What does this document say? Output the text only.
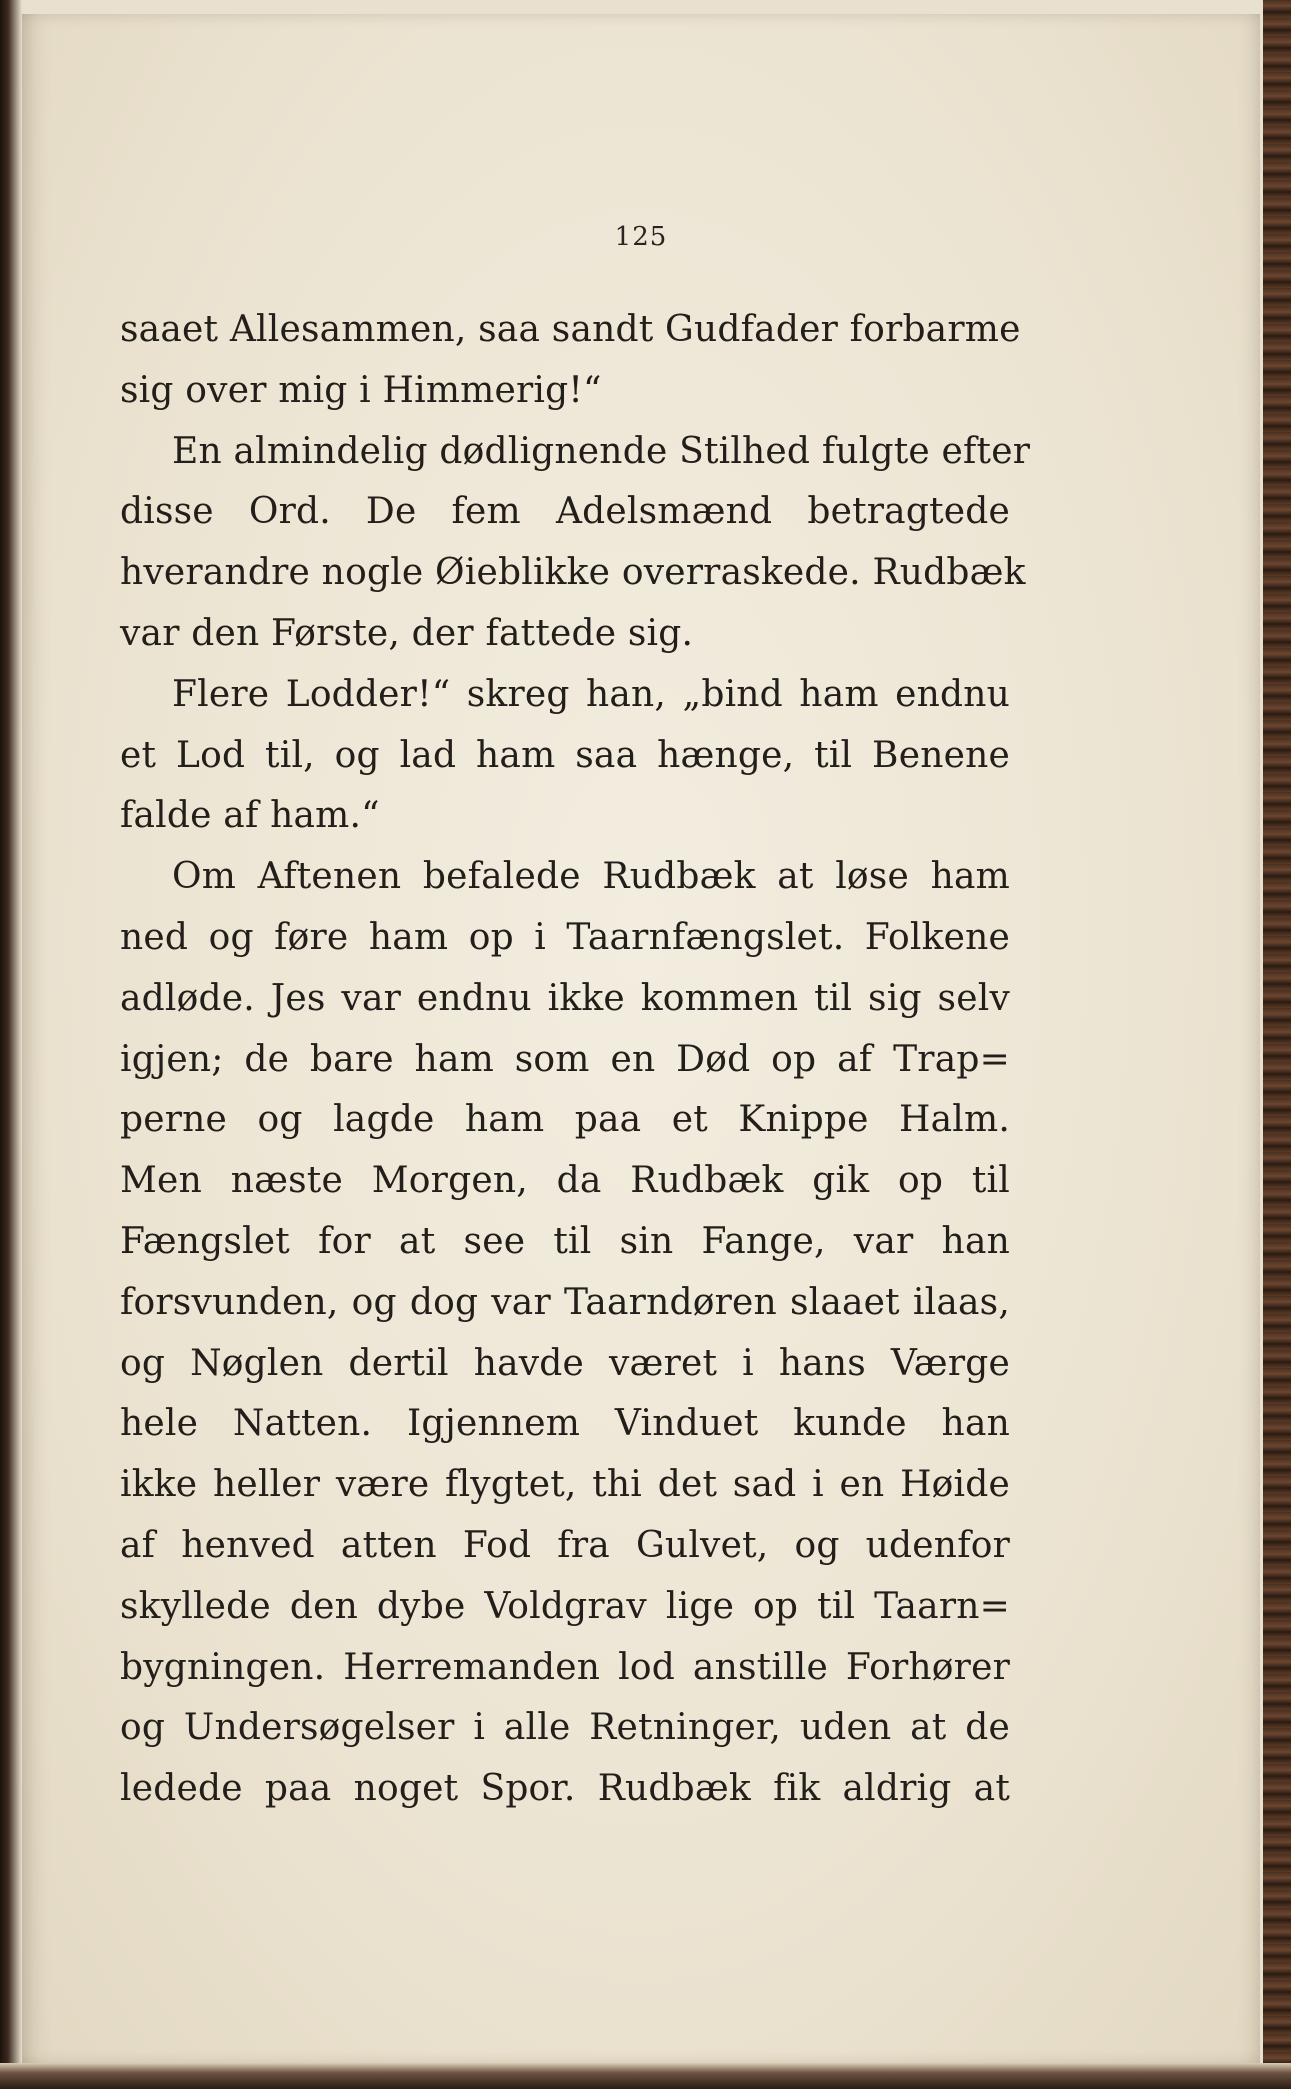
125
saaet Allesammen, saa sandt Gudfader forbarme
sig over mig i Himmerig!“
En almindelig dødlignende Stilhed fulgte efter
disse Ord. De fem Adelsmænd betragtede
hverandre nogle Øieblikke overraskede. Rudbæk
var den Første, der fattede sig.
Flere Lodder!“ skreg han, „bind ham endnu
et Lod til, og lad ham saa hænge, til Benene
falde af ham.“
Om Aftenen befalede Rudbæk at løse ham
ned og føre ham op i Taarnfængslet. Folkene
adløde. Jes var endnu ikke kommen til sig selv
igjen; de bare ham som en Død op af Trap=
perne og lagde ham paa et Knippe Halm.
Men næste Morgen, da Rudbæk gik op til
Fængslet for at see til sin Fange, var han
forsvunden, og dog var Taarndøren slaaet ilaas,
og Nøglen dertil havde været i hans Værge
hele Natten. Igjennem Vinduet kunde han
ikke heller være flygtet, thi det sad i en Høide
af henved atten Fod fra Gulvet, og udenfor
skyllede den dybe Voldgrav lige op til Taarn=
bygningen. Herremanden lod anstille Forhører
og Undersøgelser i alle Retninger, uden at de
ledede paa noget Spor. Rudbæk fik aldrig at
